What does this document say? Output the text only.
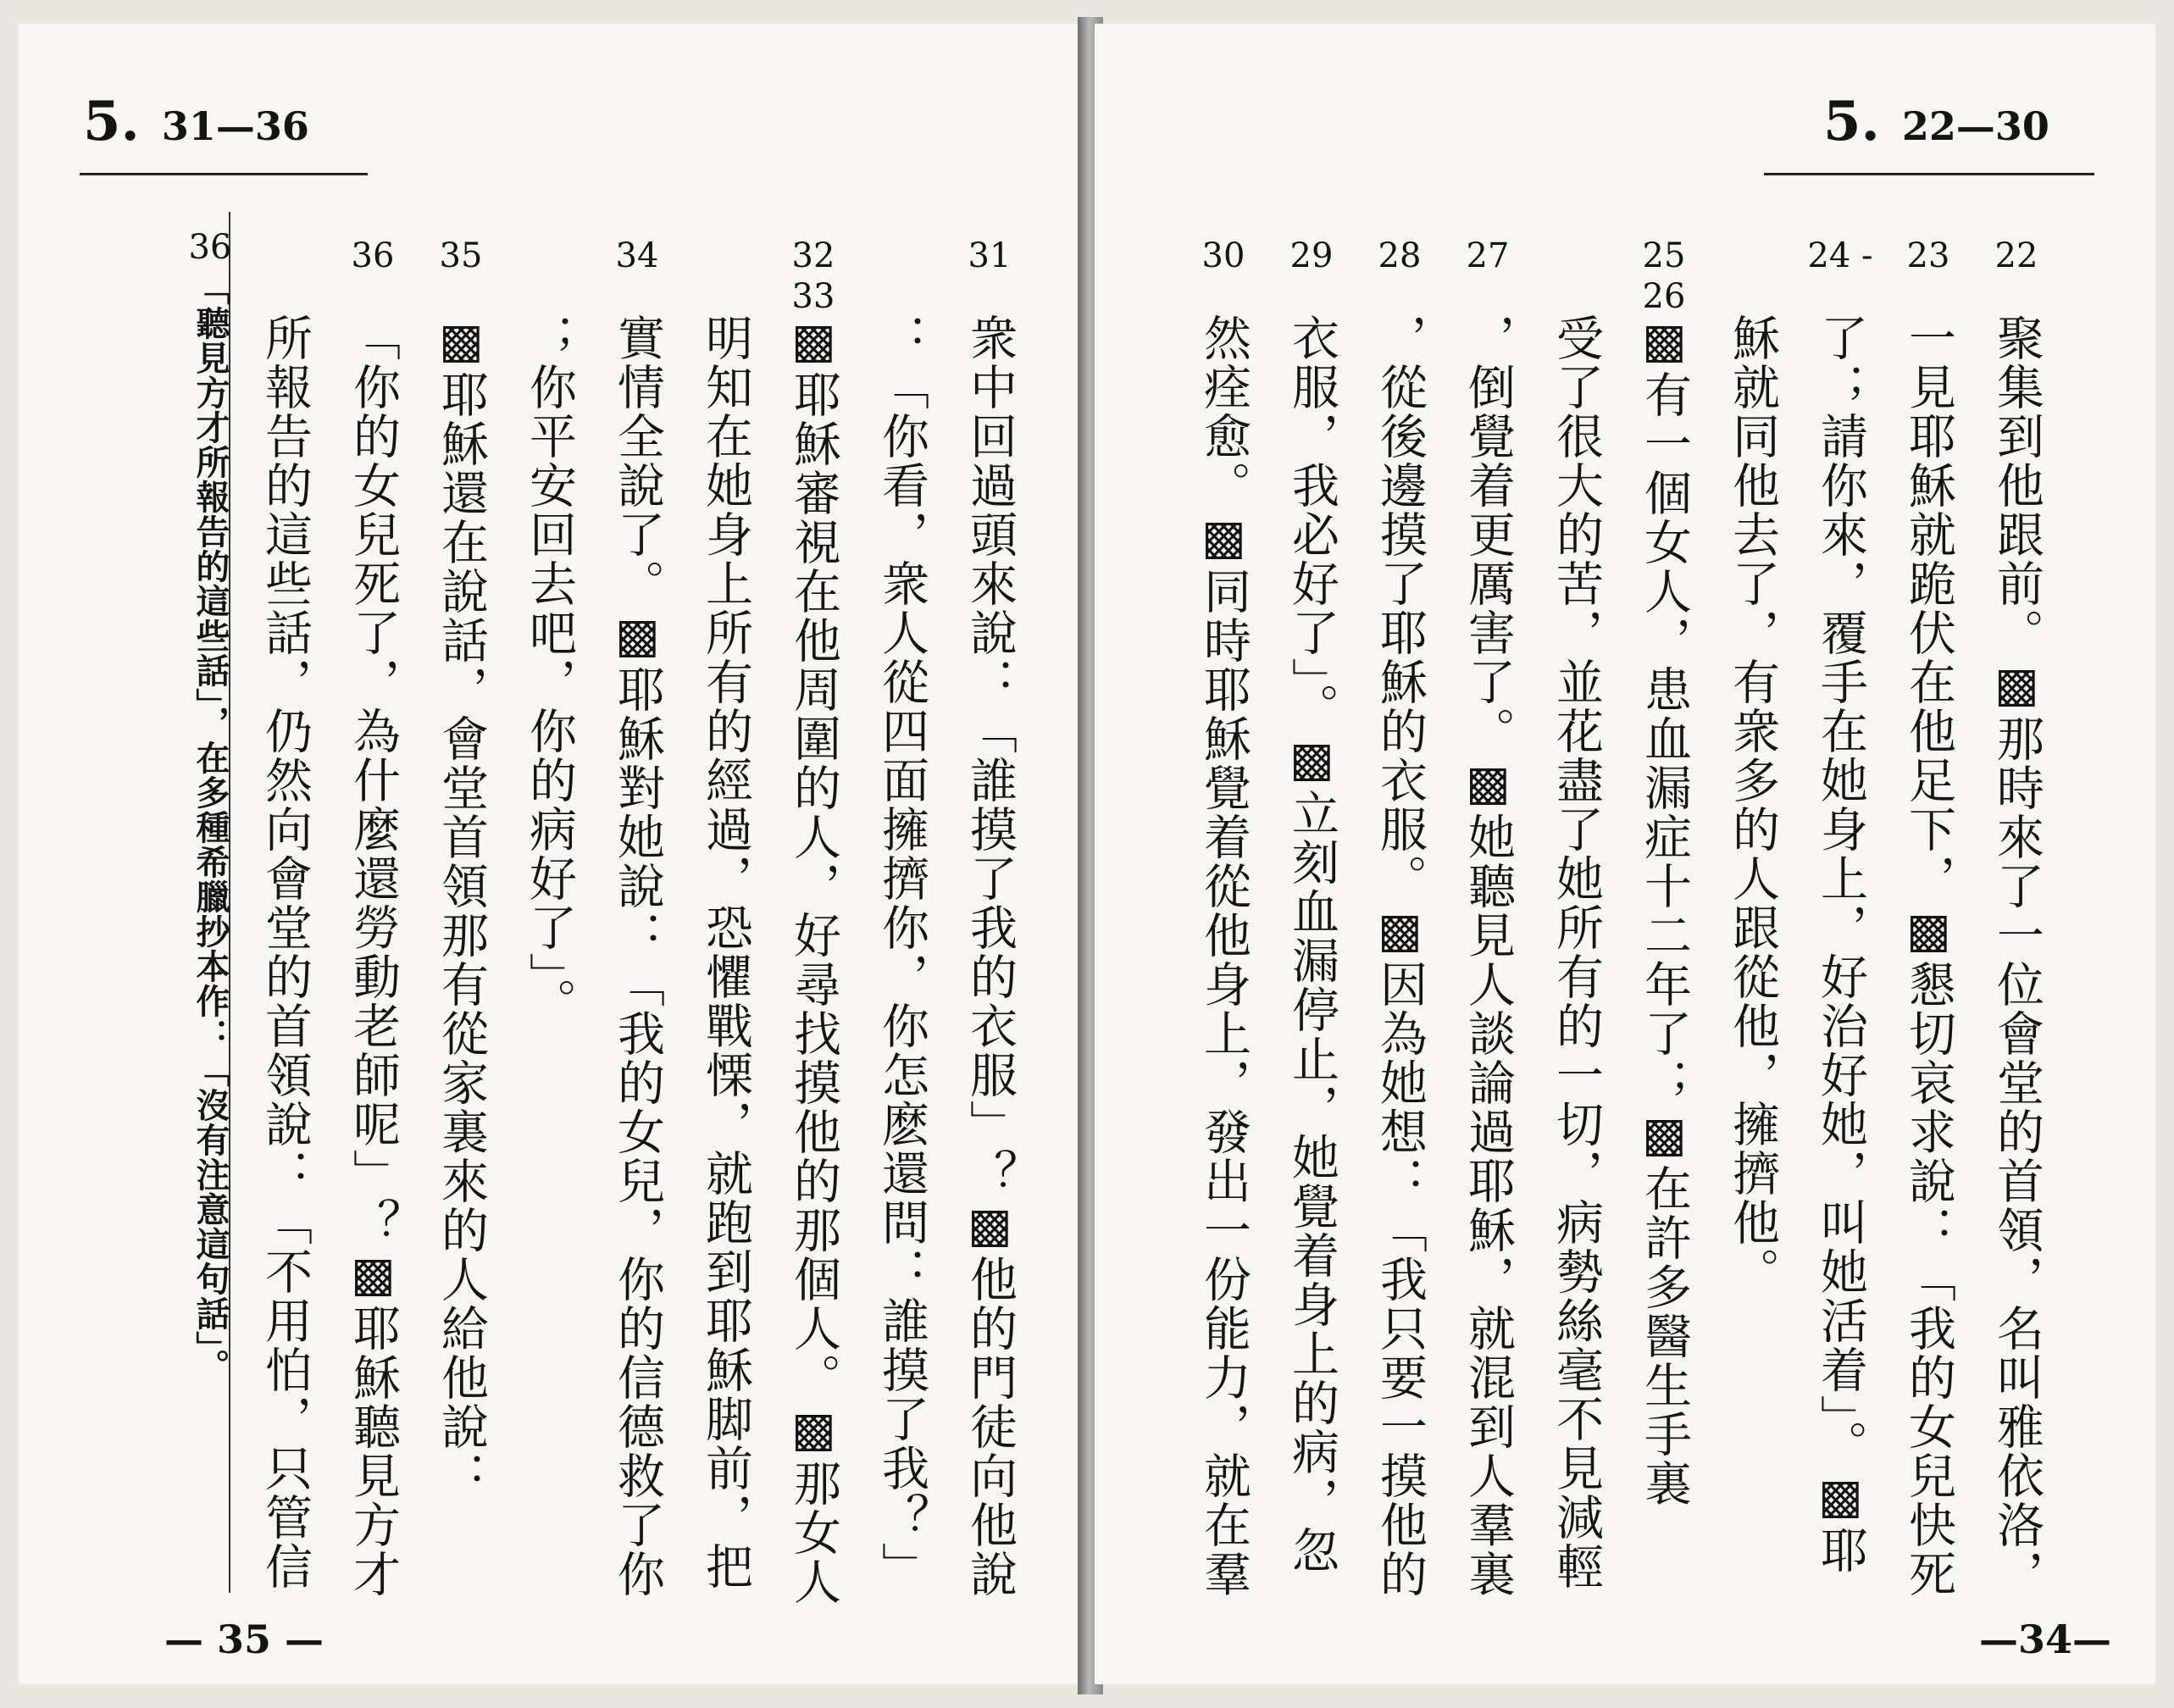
5. 31—36
36
「聽見方才所報告的這些話」，在多種希臘抄本作：「沒有注意這句話」。
31
衆中回過頭來說：「誰摸了我的衣服」？▩他的門徒向他說
：「你看，衆人從四面擁擠你，你怎麽還問：誰摸了我？」
32 33
▩耶穌審視在他周圍的人，好尋找摸他的那個人。▩那女人
明知在她身上所有的經過，恐懼戰慄，就跑到耶穌脚前，把
34
實情全說了。▩耶穌對她說：「我的女兒，你的信德救了你
；你平安回去吧，你的病好了」。
35
▩耶穌還在說話，會堂首領那有從家裏來的人給他說：
36
「你的女兒死了，為什麼還勞動老師呢」？▩耶穌聽見方才
所報告的這些話，仍然向會堂的首領說：「不用怕，只管信
— 35 —
5. 22—30
22
聚集到他跟前。▩那時來了一位會堂的首領，名叫雅依洛，
23
一見耶穌就跪伏在他足下，▩懇切哀求說：「我的女兒快死
24 -
了；請你來，覆手在她身上，好治好她，叫她活着」。▩耶
穌就同他去了，有衆多的人跟從他，擁擠他。
25 26
▩有一個女人，患血漏症十二年了；▩在許多醫生手裏
受了很大的苦，並花盡了她所有的一切，病勢絲毫不見減輕
27
，倒覺着更厲害了。▩她聽見人談論過耶穌，就混到人羣裏
28
，從後邊摸了耶穌的衣服。▩因為她想：「我只要一摸他的
29
衣服，我必好了」。▩立刻血漏停止，她覺着身上的病，忽
30
然痊愈。▩同時耶穌覺着從他身上，發出一份能力，就在羣
—34—
